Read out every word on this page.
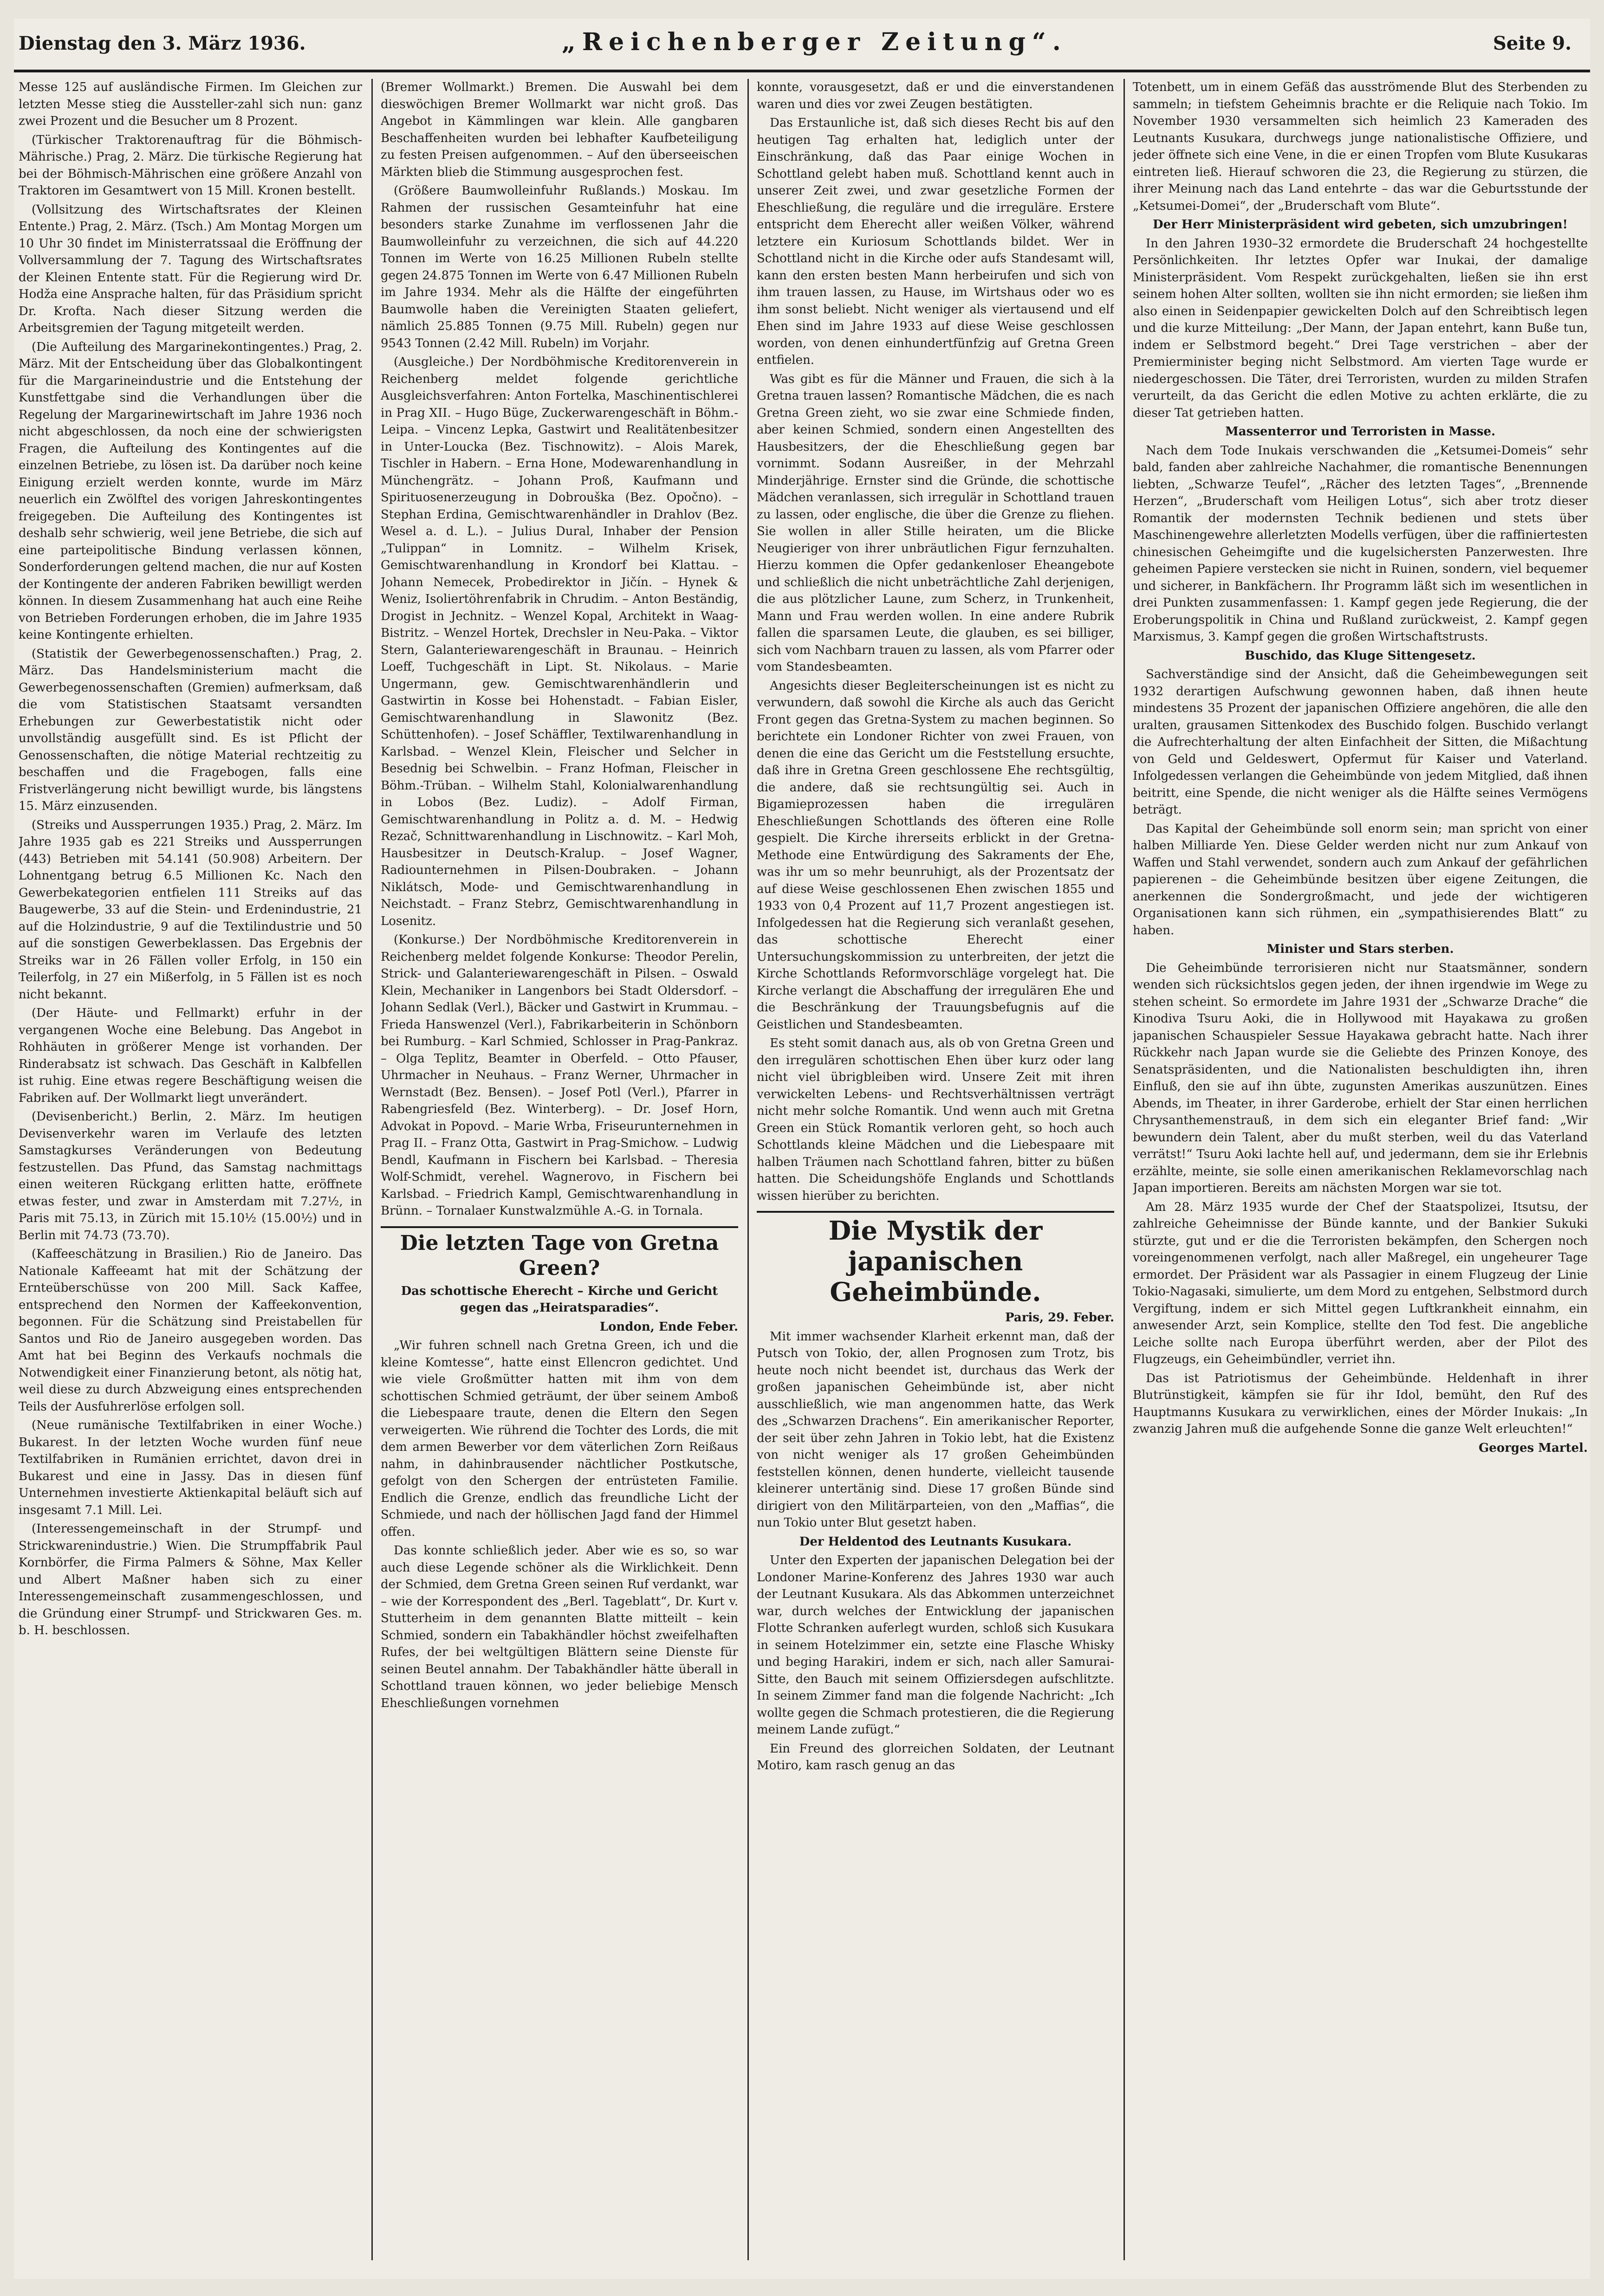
Dienstag den 3. März 1936.	„Reichenberger Zeitung“.	Seite 9.

Messe 125 auf ausländische Firmen. Im Gleichen zur letzten Messe stieg die Aussteller-zahl sich nun: ganz zwei Prozent und die Besucher um 8 Prozent.

(Türkischer Traktorenauftrag für die Böhmisch-Mährische.) Prag, 2. März. Die türkische Regierung hat bei der Böhmisch-Mährischen eine größere Anzahl von Traktoren im Gesamtwert von 15 Mill. Kronen bestellt.

(Vollsitzung des Wirtschaftsrates der Kleinen Entente.) Prag, 2. März. (Tsch.) Am Montag Morgen um 10 Uhr 30 findet im Ministerratssaal die Eröffnung der Vollversammlung der 7. Tagung des Wirtschaftsrates der Kleinen Entente statt. Für die Regierung wird Dr. Hodža eine Ansprache halten, für das Präsidium spricht Dr. Krofta. Nach dieser Sitzung werden die Arbeitsgremien der Tagung mitgeteilt werden.

(Die Aufteilung des Margarinekontingentes.) Prag, 2. März. Mit der Entscheidung über das Globalkontingent für die Margarineindustrie und die Entstehung der Kunstfettgabe sind die Verhandlungen über die Regelung der Margarinewirtschaft im Jahre 1936 noch nicht abgeschlossen, da noch eine der schwierigsten Fragen, die Aufteilung des Kontingentes auf die einzelnen Betriebe, zu lösen ist. Da darüber noch keine Einigung erzielt werden konnte, wurde im März neuerlich ein Zwölftel des vorigen Jahreskontingentes freigegeben. Die Aufteilung des Kontingentes ist deshalb sehr schwierig, weil jene Betriebe, die sich auf eine parteipolitische Bindung verlassen können, Sonderforderungen geltend machen, die nur auf Kosten der Kontingente der anderen Fabriken bewilligt werden können. In diesem Zusammenhang hat auch eine Reihe von Betrieben Forderungen erhoben, die im Jahre 1935 keine Kontingente erhielten.

(Statistik der Gewerbegenossenschaften.) Prag, 2. März. Das Handelsministerium macht die Gewerbegenossenschaften (Gremien) aufmerksam, daß die vom Statistischen Staatsamt versandten Erhebungen zur Gewerbestatistik nicht oder unvollständig ausgefüllt sind. Es ist Pflicht der Genossenschaften, die nötige Material rechtzeitig zu beschaffen und die Fragebogen, falls eine Fristverlängerung nicht bewilligt wurde, bis längstens 15. März einzusenden.

(Streiks und Aussperrungen 1935.) Prag, 2. März. Im Jahre 1935 gab es 221 Streiks und Aussperrungen (443) Betrieben mit 54.141 (50.908) Arbeitern. Der Lohnentgang betrug 6.5 Millionen Kc. Nach den Gewerbekategorien entfielen 111 Streiks auf das Baugewerbe, 33 auf die Stein- und Erdenindustrie, 21 auf die Holzindustrie, 9 auf die Textilindustrie und 50 auf die sonstigen Gewerbeklassen. Das Ergebnis der Streiks war in 26 Fällen voller Erfolg, in 150 ein Teilerfolg, in 27 ein Mißerfolg, in 5 Fällen ist es noch nicht bekannt.

(Der Häute- und Fellmarkt) erfuhr in der vergangenen Woche eine Belebung. Das Angebot in Rohhäuten in größerer Menge ist vorhanden. Der Rinderabsatz ist schwach. Das Geschäft in Kalbfellen ist ruhig. Eine etwas regere Beschäftigung weisen die Fabriken auf. Der Wollmarkt liegt unverändert.

(Devisenbericht.) Berlin, 2. März. Im heutigen Devisenverkehr waren im Verlaufe des letzten Samstagkurses Veränderungen von Bedeutung festzustellen. Das Pfund, das Samstag nachmittags einen weiteren Rückgang erlitten hatte, eröffnete etwas fester, und zwar in Amsterdam mit 7.27½, in Paris mit 75.13, in Zürich mit 15.10½ (15.00½) und in Berlin mit 74.73 (73.70).

(Kaffeeschätzung in Brasilien.) Rio de Janeiro. Das Nationale Kaffeeamt hat mit der Schätzung der Ernteüberschüsse von 200 Mill. Sack Kaffee, entsprechend den Normen der Kaffeekonvention, begonnen. Für die Schätzung sind Preistabellen für Santos und Rio de Janeiro ausgegeben worden. Das Amt hat bei Beginn des Verkaufs nochmals die Notwendigkeit einer Finanzierung betont, als nötig hat, weil diese zu durch Abzweigung eines entsprechenden Teils der Ausfuhrerlöse erfolgen soll.

(Neue rumänische Textilfabriken in einer Woche.) Bukarest. In der letzten Woche wurden fünf neue Textilfabriken in Rumänien errichtet, davon drei in Bukarest und eine in Jassy. Das in diesen fünf Unternehmen investierte Aktienkapital beläuft sich auf insgesamt 7.1 Mill. Lei.

(Interessengemeinschaft in der Strumpf- und Strickwarenindustrie.) Wien. Die Strumpffabrik Paul Kornbörfer, die Firma Palmers & Söhne, Max Keller und Albert Maßner haben sich zu einer Interessengemeinschaft zusammengeschlossen, und die Gründung einer Strumpf- und Strickwaren Ges. m. b. H. beschlossen.

(Bremer Wollmarkt.) Bremen. Die Auswahl bei dem dieswöchigen Bremer Wollmarkt war nicht groß. Das Angebot in Kämmlingen war klein. Alle gangbaren Beschaffenheiten wurden bei lebhafter Kaufbeteiligung zu festen Preisen aufgenommen. – Auf den überseeischen Märkten blieb die Stimmung ausgesprochen fest.

(Größere Baumwolleinfuhr Rußlands.) Moskau. Im Rahmen der russischen Gesamteinfuhr hat eine besonders starke Zunahme im verflossenen Jahr die Baumwolleinfuhr zu verzeichnen, die sich auf 44.220 Tonnen im Werte von 16.25 Millionen Rubeln stellte gegen 24.875 Tonnen im Werte von 6.47 Millionen Rubeln im Jahre 1934. Mehr als die Hälfte der eingeführten Baumwolle haben die Vereinigten Staaten geliefert, nämlich 25.885 Tonnen (9.75 Mill. Rubeln) gegen nur 9543 Tonnen (2.42 Mill. Rubeln) im Vorjahr.

(Ausgleiche.) Der Nordböhmische Kreditorenverein in Reichenberg meldet folgende gerichtliche Ausgleichsverfahren: Anton Fortelka, Maschinentischlerei in Prag XII. – Hugo Büge, Zuckerwarengeschäft in Böhm.-Leipa. – Vincenz Lepka, Gastwirt und Realitätenbesitzer in Unter-Loucka (Bez. Tischnowitz). – Alois Marek, Tischler in Habern. – Erna Hone, Modewarenhandlung in Münchengrätz. – Johann Proß, Kaufmann und Spirituosenerzeugung in Dobrouška (Bez. Opočno). – Stephan Erdina, Gemischtwarenhändler in Drahlov (Bez. Wesel a. d. L.). – Julius Dural, Inhaber der Pension „Tulippan“ in Lomnitz. – Wilhelm Krisek, Gemischtwarenhandlung in Krondorf bei Klattau. – Johann Nemecek, Probedirektor in Jičín. – Hynek & Weniz, Isoliertöhrenfabrik in Chrudim. – Anton Beständig, Drogist in Jechnitz. – Wenzel Kopal, Architekt in Waag-Bistritz. – Wenzel Hortek, Drechsler in Neu-Paka. – Viktor Stern, Galanteriewarengeschäft in Braunau. – Heinrich Loeff, Tuchgeschäft in Lipt. St. Nikolaus. – Marie Ungermann, gew. Gemischtwarenhändlerin und Gastwirtin in Kosse bei Hohenstadt. – Fabian Eisler, Gemischtwarenhandlung in Slawonitz (Bez. Schüttenhofen). – Josef Schäffler, Textilwarenhandlung in Karlsbad. – Wenzel Klein, Fleischer und Selcher in Besednig bei Schwelbin. – Franz Hofman, Fleischer in Böhm.-Trüban. – Wilhelm Stahl, Kolonialwarenhandlung in Lobos (Bez. Ludiz). – Adolf Firman, Gemischtwarenhandlung in Politz a. d. M. – Hedwig Rezač, Schnittwarenhandlung in Lischnowitz. – Karl Moh, Hausbesitzer in Deutsch-Kralup. – Josef Wagner, Radiounternehmen in Pilsen-Doubraken. – Johann Niklátsch, Mode- und Gemischtwarenhandlung in Neichstadt. – Franz Stebrz, Gemischtwarenhandlung in Losenitz.

(Konkurse.) Der Nordböhmische Kreditorenverein in Reichenberg meldet folgende Konkurse: Theodor Perelin, Strick- und Galanteriewarengeschäft in Pilsen. – Oswald Klein, Mechaniker in Langenbors bei Stadt Oldersdorf. – Johann Sedlak (Verl.), Bäcker und Gastwirt in Krummau. – Frieda Hanswenzel (Verl.), Fabrikarbeiterin in Schönborn bei Rumburg. – Karl Schmied, Schlosser in Prag-Pankraz. – Olga Teplitz, Beamter in Oberfeld. – Otto Pfauser, Uhrmacher in Neuhaus. – Franz Werner, Uhrmacher in Wernstadt (Bez. Bensen). – Josef Potl (Verl.), Pfarrer in Rabengriesfeld (Bez. Winterberg). – Dr. Josef Horn, Advokat in Popovd. – Marie Wrba, Friseurunternehmen in Prag II. – Franz Otta, Gastwirt in Prag-Smichow. – Ludwig Bendl, Kaufmann in Fischern bei Karlsbad. – Theresia Wolf-Schmidt, verehel. Wagnerovo, in Fischern bei Karlsbad. – Friedrich Kampl, Gemischtwarenhandlung in Brünn. – Tornalaer Kunstwalzmühle A.-G. in Tornala.

Die letzten Tage von Gretna Green?

Das schottische Eherecht – Kirche und Gericht gegen das „Heiratsparadies“.

London, Ende Feber.

„Wir fuhren schnell nach Gretna Green, ich und die kleine Komtesse“, hatte einst Ellencron gedichtet. Und wie viele Großmütter hatten mit ihm von dem schottischen Schmied geträumt, der über seinem Amboß die Liebespaare traute, denen die Eltern den Segen verweigerten. Wie rührend die Tochter des Lords, die mit dem armen Bewerber vor dem väterlichen Zorn Reißaus nahm, in dahinbrausender nächtlicher Postkutsche, gefolgt von den Schergen der entrüsteten Familie. Endlich die Grenze, endlich das freundliche Licht der Schmiede, und nach der höllischen Jagd fand der Himmel offen.

Das konnte schließlich jeder. Aber wie es so, so war auch diese Legende schöner als die Wirklichkeit. Denn der Schmied, dem Gretna Green seinen Ruf verdankt, war – wie der Korrespondent des „Berl. Tageblatt“, Dr. Kurt v. Stutterheim in dem genannten Blatte mitteilt – kein Schmied, sondern ein Tabakhändler höchst zweifelhaften Rufes, der bei weltgültigen Blättern seine Dienste für seinen Beutel annahm. Der Tabakhändler hätte überall in Schottland trauen können, wo jeder beliebige Mensch Eheschließungen vornehmen

konnte, vorausgesetzt, daß er und die einverstandenen waren und dies vor zwei Zeugen bestätigten.

Das Erstaunliche ist, daß sich dieses Recht bis auf den heutigen Tag erhalten hat, lediglich unter der Einschränkung, daß das Paar einige Wochen in Schottland gelebt haben muß. Schottland kennt auch in unserer Zeit zwei, und zwar gesetzliche Formen der Eheschließung, die reguläre und die irreguläre. Erstere entspricht dem Eherecht aller weißen Völker, während letztere ein Kuriosum Schottlands bildet. Wer in Schottland nicht in die Kirche oder aufs Standesamt will, kann den ersten besten Mann herbeirufen und sich von ihm trauen lassen, zu Hause, im Wirtshaus oder wo es ihm sonst beliebt. Nicht weniger als viertausend und elf Ehen sind im Jahre 1933 auf diese Weise geschlossen worden, von denen einhundertfünfzig auf Gretna Green entfielen.

Was gibt es für die Männer und Frauen, die sich à la Gretna trauen lassen? Romantische Mädchen, die es nach Gretna Green zieht, wo sie zwar eine Schmiede finden, aber keinen Schmied, sondern einen Angestellten des Hausbesitzers, der die Eheschließung gegen bar vornimmt. Sodann Ausreißer, in der Mehrzahl Minderjährige. Ernster sind die Gründe, die schottische Mädchen veranlassen, sich irregulär in Schottland trauen zu lassen, oder englische, die über die Grenze zu fliehen. Sie wollen in aller Stille heiraten, um die Blicke Neugieriger von ihrer unbräutlichen Figur fernzuhalten. Hierzu kommen die Opfer gedankenloser Eheangebote und schließlich die nicht unbeträchtliche Zahl derjenigen, die aus plötzlicher Laune, zum Scherz, in Trunkenheit, Mann und Frau werden wollen. In eine andere Rubrik fallen die sparsamen Leute, die glauben, es sei billiger, sich vom Nachbarn trauen zu lassen, als vom Pfarrer oder vom Standesbeamten.

Angesichts dieser Begleiterscheinungen ist es nicht zu verwundern, daß sowohl die Kirche als auch das Gericht Front gegen das Gretna-System zu machen beginnen. So berichtete ein Londoner Richter von zwei Frauen, von denen die eine das Gericht um die Feststellung ersuchte, daß ihre in Gretna Green geschlossene Ehe rechtsgültig, die andere, daß sie rechtsungültig sei. Auch in Bigamieprozessen haben die irregulären Eheschließungen Schottlands des öfteren eine Rolle gespielt. Die Kirche ihrerseits erblickt in der Gretna-Methode eine Entwürdigung des Sakraments der Ehe, was ihr um so mehr beunruhigt, als der Prozentsatz der auf diese Weise geschlossenen Ehen zwischen 1855 und 1933 von 0,4 Prozent auf 11,7 Prozent angestiegen ist. Infolgedessen hat die Regierung sich veranlaßt gesehen, das schottische Eherecht einer Untersuchungskommission zu unterbreiten, der jetzt die Kirche Schottlands Reformvorschläge vorgelegt hat. Die Kirche verlangt die Abschaffung der irregulären Ehe und die Beschränkung der Trauungsbefugnis auf die Geistlichen und Standesbeamten.

Es steht somit danach aus, als ob von Gretna Green und den irregulären schottischen Ehen über kurz oder lang nicht viel übrigbleiben wird. Unsere Zeit mit ihren verwickelten Lebens- und Rechtsverhältnissen verträgt nicht mehr solche Romantik. Und wenn auch mit Gretna Green ein Stück Romantik verloren geht, so hoch auch Schottlands kleine Mädchen und die Liebespaare mit halben Träumen nach Schottland fahren, bitter zu büßen hatten. Die Scheidungshöfe Englands und Schottlands wissen hierüber zu berichten.

Die Mystik der japanischen Geheimbünde.

Paris, 29. Feber.

Mit immer wachsender Klarheit erkennt man, daß der Putsch von Tokio, der, allen Prognosen zum Trotz, bis heute noch nicht beendet ist, durchaus das Werk der großen japanischen Geheimbünde ist, aber nicht ausschließlich, wie man angenommen hatte, das Werk des „Schwarzen Drachens“. Ein amerikanischer Reporter, der seit über zehn Jahren in Tokio lebt, hat die Existenz von nicht weniger als 17 großen Geheimbünden feststellen können, denen hunderte, vielleicht tausende kleinerer untertänig sind. Diese 17 großen Bünde sind dirigiert von den Militärparteien, von den „Maffias“, die nun Tokio unter Blut gesetzt haben.

Der Heldentod des Leutnants Kusukara.

Unter den Experten der japanischen Delegation bei der Londoner Marine-Konferenz des Jahres 1930 war auch der Leutnant Kusukara. Als das Abkommen unterzeichnet war, durch welches der Entwicklung der japanischen Flotte Schranken auferlegt wurden, schloß sich Kusukara in seinem Hotelzimmer ein, setzte eine Flasche Whisky und beging Harakiri, indem er sich, nach aller Samurai-Sitte, den Bauch mit seinem Offiziersdegen aufschlitzte. In seinem Zimmer fand man die folgende Nachricht: „Ich wollte gegen die Schmach protestieren, die die Regierung meinem Lande zufügt.“

Ein Freund des glorreichen Soldaten, der Leutnant Motiro, kam rasch genug an das

Totenbett, um in einem Gefäß das ausströmende Blut des Sterbenden zu sammeln; in tiefstem Geheimnis brachte er die Reliquie nach Tokio. Im November 1930 versammelten sich heimlich 23 Kameraden des Leutnants Kusukara, durchwegs junge nationalistische Offiziere, und jeder öffnete sich eine Vene, in die er einen Tropfen vom Blute Kusukaras eintreten ließ. Hierauf schworen die 23, die Regierung zu stürzen, die ihrer Meinung nach das Land entehrte – das war die Geburtsstunde der „Ketsumei-Domei“, der „Bruderschaft vom Blute“.

Der Herr Ministerpräsident wird gebeten, sich umzubringen!

In den Jahren 1930–32 ermordete die Bruderschaft 24 hochgestellte Persönlichkeiten. Ihr letztes Opfer war Inukai, der damalige Ministerpräsident. Vom Respekt zurückgehalten, ließen sie ihn erst seinem hohen Alter sollten, wollten sie ihn nicht ermorden; sie ließen ihm also einen in Seidenpapier gewickelten Dolch auf den Schreibtisch legen und die kurze Mitteilung: „Der Mann, der Japan entehrt, kann Buße tun, indem er Selbstmord begeht.“ Drei Tage verstrichen – aber der Premierminister beging nicht Selbstmord. Am vierten Tage wurde er niedergeschossen. Die Täter, drei Terroristen, wurden zu milden Strafen verurteilt, da das Gericht die edlen Motive zu achten erklärte, die zu dieser Tat getrieben hatten.

Massenterror und Terroristen in Masse.

Nach dem Tode Inukais verschwanden die „Ketsumei-Domeis“ sehr bald, fanden aber zahlreiche Nachahmer, die romantische Benennungen liebten, „Schwarze Teufel“, „Rächer des letzten Tages“, „Brennende Herzen“, „Bruderschaft vom Heiligen Lotus“, sich aber trotz dieser Romantik der modernsten Technik bedienen und stets über Maschinengewehre allerletzten Modells verfügen, über die raffiniertesten chinesischen Geheimgifte und die kugelsichersten Panzerwesten. Ihre geheimen Papiere verstecken sie nicht in Ruinen, sondern, viel bequemer und sicherer, in Bankfächern. Ihr Programm läßt sich im wesentlichen in drei Punkten zusammenfassen: 1. Kampf gegen jede Regierung, die der Eroberungspolitik in China und Rußland zurückweist, 2. Kampf gegen Marxismus, 3. Kampf gegen die großen Wirtschaftstrusts.

Buschido, das Kluge Sittengesetz.

Sachverständige sind der Ansicht, daß die Geheimbewegungen seit 1932 derartigen Aufschwung gewonnen haben, daß ihnen heute mindestens 35 Prozent der japanischen Offiziere angehören, die alle den uralten, grausamen Sittenkodex des Buschido folgen. Buschido verlangt die Aufrechterhaltung der alten Einfachheit der Sitten, die Mißachtung von Geld und Geldeswert, Opfermut für Kaiser und Vaterland. Infolgedessen verlangen die Geheimbünde von jedem Mitglied, daß ihnen beitritt, eine Spende, die nicht weniger als die Hälfte seines Vermögens beträgt.

Das Kapital der Geheimbünde soll enorm sein; man spricht von einer halben Milliarde Yen. Diese Gelder werden nicht nur zum Ankauf von Waffen und Stahl verwendet, sondern auch zum Ankauf der gefährlichen papierenen – die Geheimbünde besitzen über eigene Zeitungen, die anerkennen die Sondergroßmacht, und jede der wichtigeren Organisationen kann sich rühmen, ein „sympathisierendes Blatt“ zu haben.

Minister und Stars sterben.

Die Geheimbünde terrorisieren nicht nur Staatsmänner, sondern wenden sich rücksichtslos gegen jeden, der ihnen irgendwie im Wege zu stehen scheint. So ermordete im Jahre 1931 der „Schwarze Drache“ die Kinodiva Tsuru Aoki, die in Hollywood mit Hayakawa zu großen japanischen Schauspieler Sessue Hayakawa gebracht hatte. Nach ihrer Rückkehr nach Japan wurde sie die Geliebte des Prinzen Konoye, des Senatspräsidenten, und die Nationalisten beschuldigten ihn, ihren Einfluß, den sie auf ihn übte, zugunsten Amerikas auszunützen. Eines Abends, im Theater, in ihrer Garderobe, erhielt der Star einen herrlichen Chrysanthemenstrauß, in dem sich ein eleganter Brief fand: „Wir bewundern dein Talent, aber du mußt sterben, weil du das Vaterland verrätst!“ Tsuru Aoki lachte hell auf, und jedermann, dem sie ihr Erlebnis erzählte, meinte, sie solle einen amerikanischen Reklamevorschlag nach Japan importieren. Bereits am nächsten Morgen war sie tot.

Am 28. März 1935 wurde der Chef der Staatspolizei, Itsutsu, der zahlreiche Geheimnisse der Bünde kannte, und der Bankier Sukuki stürzte, gut und er die die Terroristen bekämpfen, den Schergen noch voreingenommenen verfolgt, nach aller Maßregel, ein ungeheurer Tage ermordet. Der Präsident war als Passagier in einem Flugzeug der Linie Tokio-Nagasaki, simulierte, um dem Mord zu entgehen, Selbstmord durch Vergiftung, indem er sich Mittel gegen Luftkrankheit einnahm, ein anwesender Arzt, sein Komplice, stellte den Tod fest. Die angebliche Leiche sollte nach Europa überführt werden, aber der Pilot des Flugzeugs, ein Geheimbündler, verriet ihn.

Das ist Patriotismus der Geheimbünde. Heldenhaft in ihrer Blutrünstigkeit, kämpfen sie für ihr Idol, bemüht, den Ruf des Hauptmanns Kusukara zu verwirklichen, eines der Mörder Inukais: „In zwanzig Jahren muß die aufgehende Sonne die ganze Welt erleuchten!“

Georges Martel.
